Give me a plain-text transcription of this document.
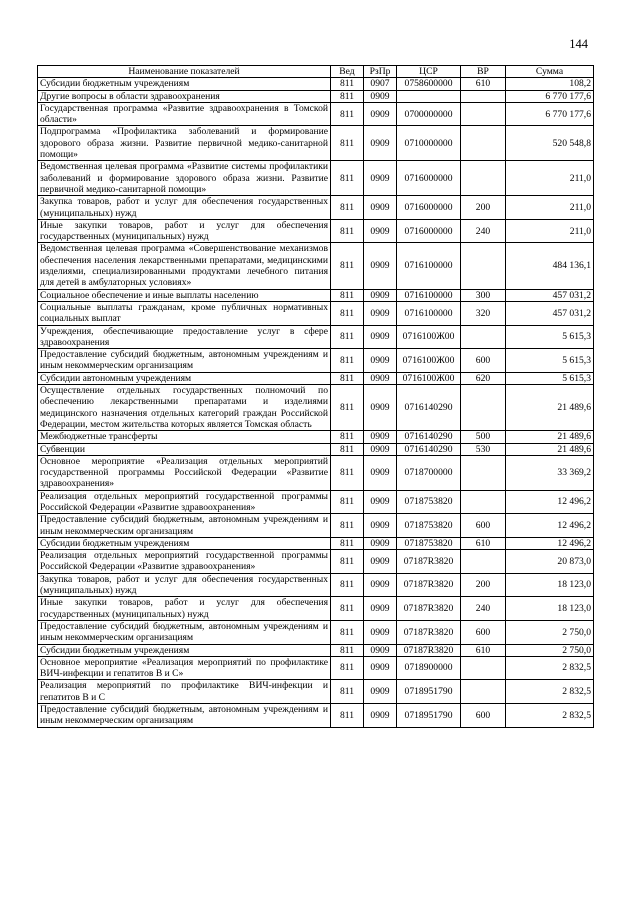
144
Наименование показателей	Вед	РзПр	ЦСР	ВР	Сумма
Субсидии бюджетным учреждениям	811	0907	0758600000	610	108,2
Другие вопросы в области здравоохранения	811	0909			6 770 177,6
Государственная программа «Развитие здравоохранения в Томской области»	811	0909	0700000000		6 770 177,6
Подпрограмма «Профилактика заболеваний и формирование здорового образа жизни. Развитие первичной медико-санитарной помощи»	811	0909	0710000000		520 548,8
Ведомственная целевая программа «Развитие системы профилактики заболеваний и формирование здорового образа жизни. Развитие первичной медико-санитарной помощи»	811	0909	0716000000		211,0
Закупка товаров, работ и услуг для обеспечения государственных (муниципальных) нужд	811	0909	0716000000	200	211,0
Иные закупки товаров, работ и услуг для обеспечения государственных (муниципальных) нужд	811	0909	0716000000	240	211,0
Ведомственная целевая программа «Совершенствование механизмов обеспечения населения лекарственными препаратами, медицинскими изделиями, специализированными продуктами лечебного питания для детей в амбулаторных условиях»	811	0909	0716100000		484 136,1
Социальное обеспечение и иные выплаты населению	811	0909	0716100000	300	457 031,2
Социальные выплаты гражданам, кроме публичных нормативных социальных выплат	811	0909	0716100000	320	457 031,2
Учреждения, обеспечивающие предоставление услуг в сфере здравоохранения	811	0909	0716100Ж00		5 615,3
Предоставление субсидий бюджетным, автономным учреждениям и иным некоммерческим организациям	811	0909	0716100Ж00	600	5 615,3
Субсидии автономным учреждениям	811	0909	0716100Ж00	620	5 615,3
Осуществление отдельных государственных полномочий по обеспечению лекарственными препаратами и изделиями медицинского назначения отдельных категорий граждан Российской Федерации, местом жительства которых является Томская область	811	0909	0716140290		21 489,6
Межбюджетные трансферты	811	0909	0716140290	500	21 489,6
Субвенции	811	0909	0716140290	530	21 489,6
Основное мероприятие «Реализация отдельных мероприятий государственной программы Российской Федерации «Развитие здравоохранения»	811	0909	0718700000		33 369,2
Реализация отдельных мероприятий государственной программы Российской Федерации «Развитие здравоохранения»	811	0909	0718753820		12 496,2
Предоставление субсидий бюджетным, автономным учреждениям и иным некоммерческим организациям	811	0909	0718753820	600	12 496,2
Субсидии бюджетным учреждениям	811	0909	0718753820	610	12 496,2
Реализация отдельных мероприятий государственной программы Российской Федерации «Развитие здравоохранения»	811	0909	07187R3820		20 873,0
Закупка товаров, работ и услуг для обеспечения государственных (муниципальных) нужд	811	0909	07187R3820	200	18 123,0
Иные закупки товаров, работ и услуг для обеспечения государственных (муниципальных) нужд	811	0909	07187R3820	240	18 123,0
Предоставление субсидий бюджетным, автономным учреждениям и иным некоммерческим организациям	811	0909	07187R3820	600	2 750,0
Субсидии бюджетным учреждениям	811	0909	07187R3820	610	2 750,0
Основное мероприятие «Реализация мероприятий по профилактике ВИЧ-инфекции и гепатитов В и С»	811	0909	0718900000		2 832,5
Реализация мероприятий по профилактике ВИЧ-инфекции и гепатитов В и С	811	0909	0718951790		2 832,5
Предоставление субсидий бюджетным, автономным учреждениям и иным некоммерческим организациям	811	0909	0718951790	600	2 832,5
